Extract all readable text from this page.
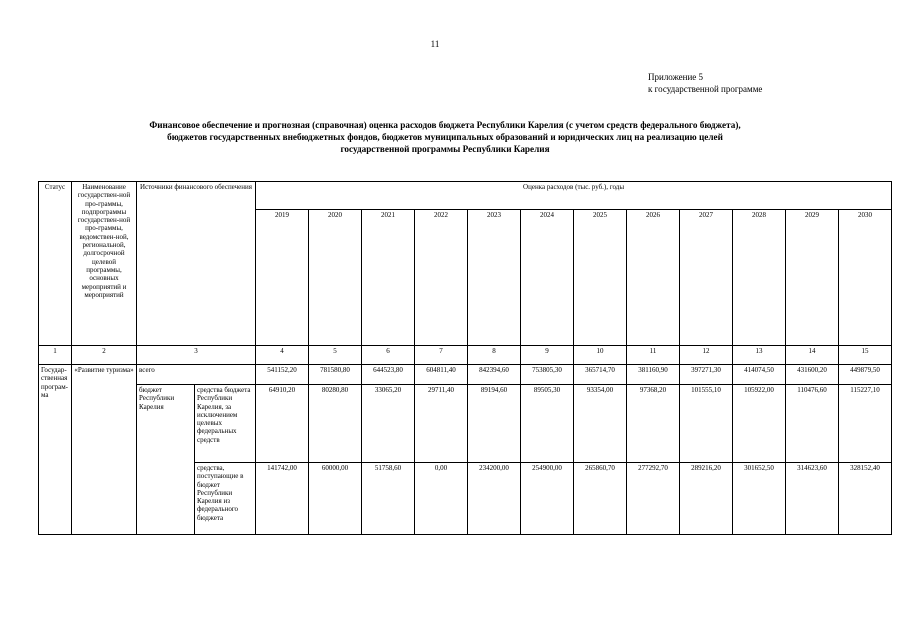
11
Приложение 5
к государственной программе
Финансовое обеспечение и прогнозная (справочная) оценка расходов бюджета Республики Карелия (с учетом средств федерального бюджета),
бюджетов государственных внебюджетных фондов, бюджетов муниципальных образований и юридических лиц на реализацию целей
государственной программы Республики Карелия
Статус	Наименование государствен-ной про-граммы, подпрограммы государствен-ной про-граммы, ведомствен-ной, региональной, долгосрочной целевой программы, основных мероприятий и мероприятий	Источники финансового обеспечения		Оценка расходов (тыс. руб.), годы											
				2019	2020	2021	2022	2023	2024	2025	2026	2027	2028	2029	2030
1	2	3		4	5	6	7	8	9	10	11	12	13	14	15
Государ-ственная програм-ма	«Развитие туризма»	всего		541152,20	781580,80	644523,80	604811,40	842394,60	753805,30	365714,70	381160,90	397271,30	414074,50	431600,20	449879,50
		бюджет Республики Карелия	средства бюджета Республики Карелия, за исключением целевых федеральных средств	64910,20	80280,80	33065,20	29711,40	89194,60	89505,30	93354,00	97368,20	101555,10	105922,00	110476,60	115227,10
			средства, поступающие в бюджет Республики Карелия из федерального бюджета	141742,00	60000,00	51758,60	0,00	234200,00	254900,00	265860,70	277292,70	289216,20	301652,50	314623,60	328152,40
